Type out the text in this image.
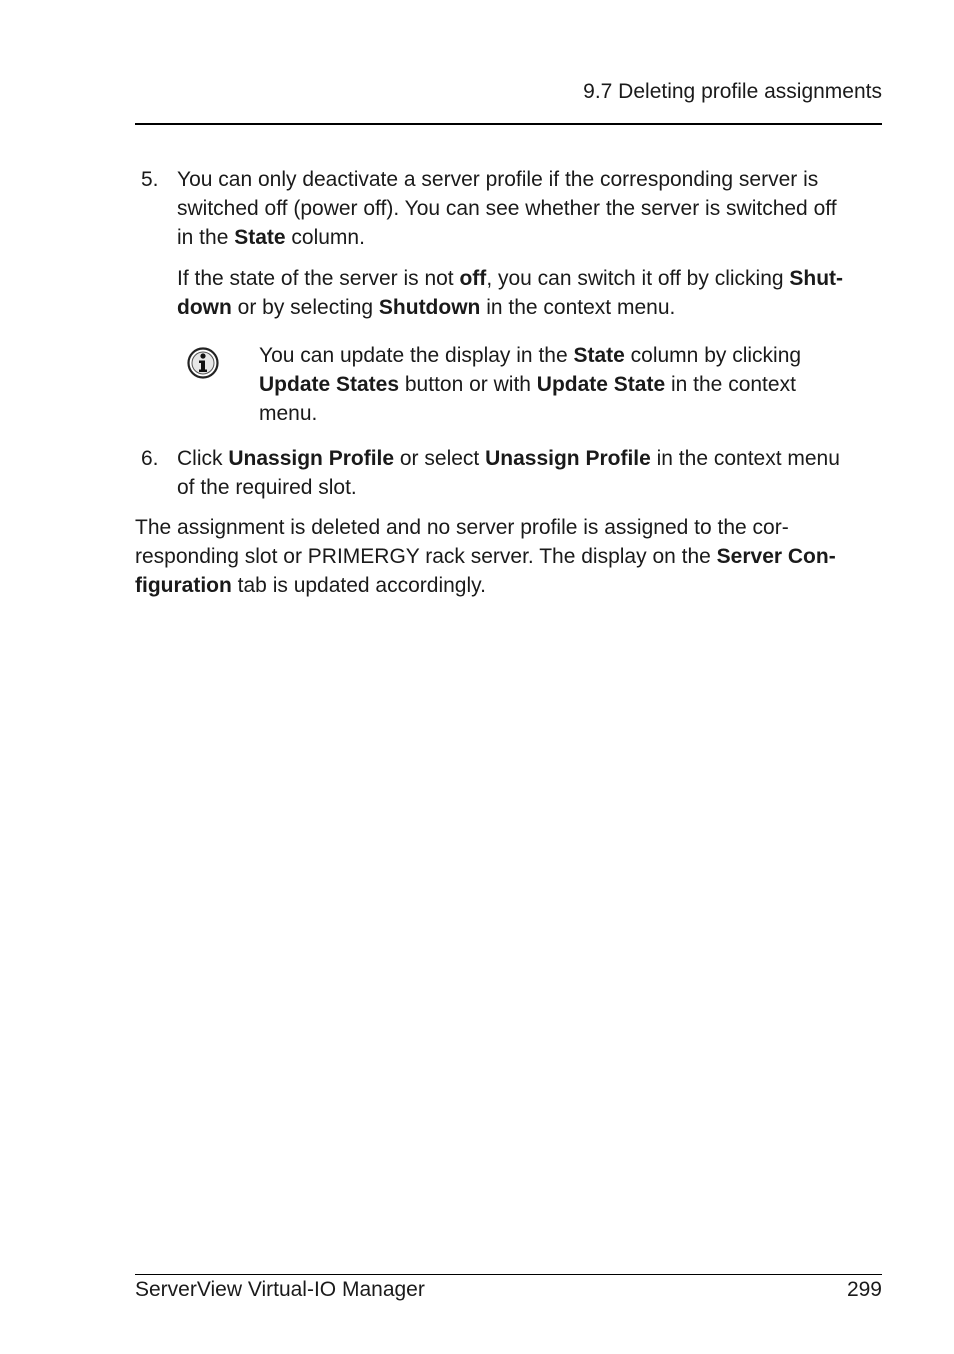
9.7 Deleting profile assignments
5. You can only deactivate a server profile if the corresponding server is
switched off (power off). You can see whether the server is switched off
in the State column.
If the state of the server is not off, you can switch it off by clicking Shut-
down or by selecting Shutdown in the context menu.
You can update the display in the State column by clicking
Update States button or with Update State in the context
menu.
6. Click Unassign Profile or select Unassign Profile in the context menu
of the required slot.
The assignment is deleted and no server profile is assigned to the cor-
responding slot or PRIMERGY rack server. The display on the Server Con-
figuration tab is updated accordingly.
ServerView Virtual-IO Manager	299
